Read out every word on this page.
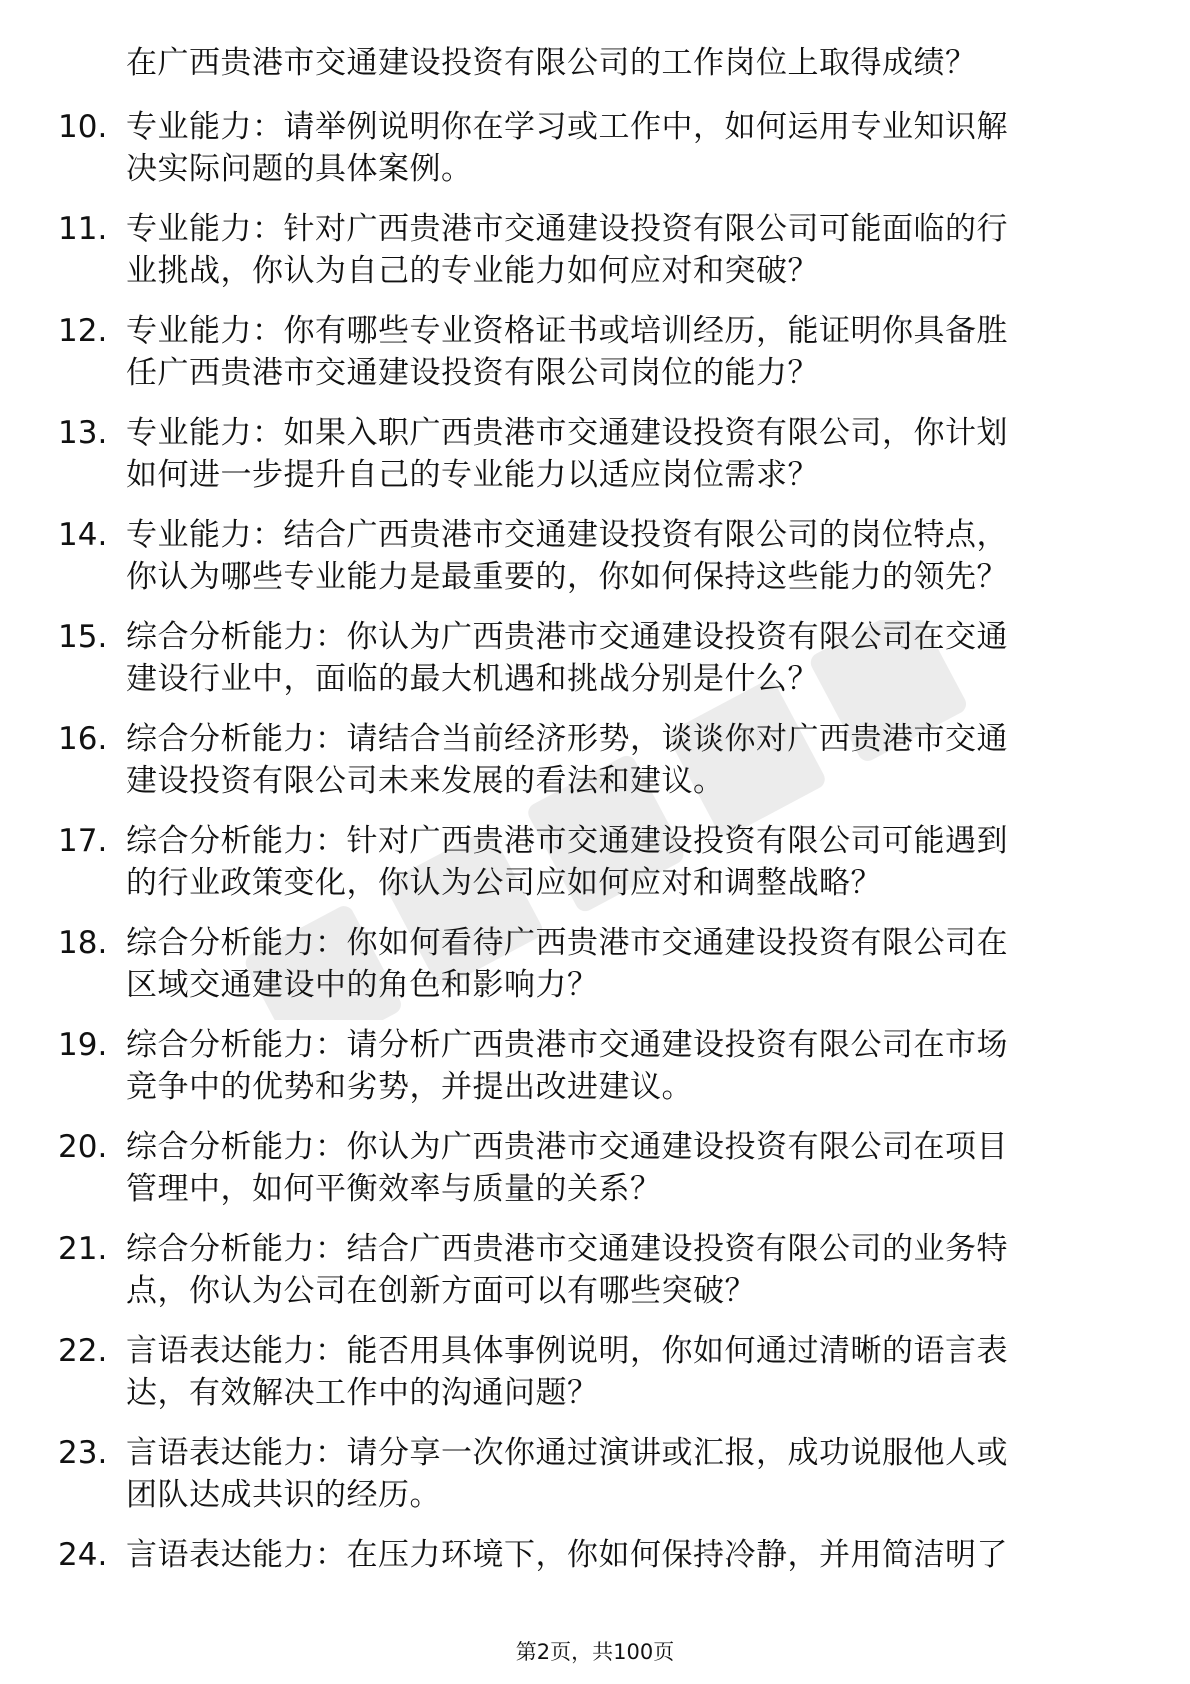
在广西贵港市交通建设投资有限公司的工作岗位上取得成绩？
10. 专业能力：请举例说明你在学习或工作中，如何运用专业知识解
决实际问题的具体案例。
11. 专业能力：针对广西贵港市交通建设投资有限公司可能面临的行
业挑战，你认为自己的专业能力如何应对和突破？
12. 专业能力：你有哪些专业资格证书或培训经历，能证明你具备胜
任广西贵港市交通建设投资有限公司岗位的能力？
13. 专业能力：如果入职广西贵港市交通建设投资有限公司，你计划
如何进一步提升自己的专业能力以适应岗位需求？
14. 专业能力：结合广西贵港市交通建设投资有限公司的岗位特点，
你认为哪些专业能力是最重要的，你如何保持这些能力的领先？
15. 综合分析能力：你认为广西贵港市交通建设投资有限公司在交通
建设行业中，面临的最大机遇和挑战分别是什么？
16. 综合分析能力：请结合当前经济形势，谈谈你对广西贵港市交通
建设投资有限公司未来发展的看法和建议。
17. 综合分析能力：针对广西贵港市交通建设投资有限公司可能遇到
的行业政策变化，你认为公司应如何应对和调整战略？
18. 综合分析能力：你如何看待广西贵港市交通建设投资有限公司在
区域交通建设中的角色和影响力？
19. 综合分析能力：请分析广西贵港市交通建设投资有限公司在市场
竞争中的优势和劣势，并提出改进建议。
20. 综合分析能力：你认为广西贵港市交通建设投资有限公司在项目
管理中，如何平衡效率与质量的关系？
21. 综合分析能力：结合广西贵港市交通建设投资有限公司的业务特
点，你认为公司在创新方面可以有哪些突破？
22. 言语表达能力：能否用具体事例说明，你如何通过清晰的语言表
达，有效解决工作中的沟通问题？
23. 言语表达能力：请分享一次你通过演讲或汇报，成功说服他人或
团队达成共识的经历。
24. 言语表达能力：在压力环境下，你如何保持冷静，并用简洁明了
第2页，共100页
